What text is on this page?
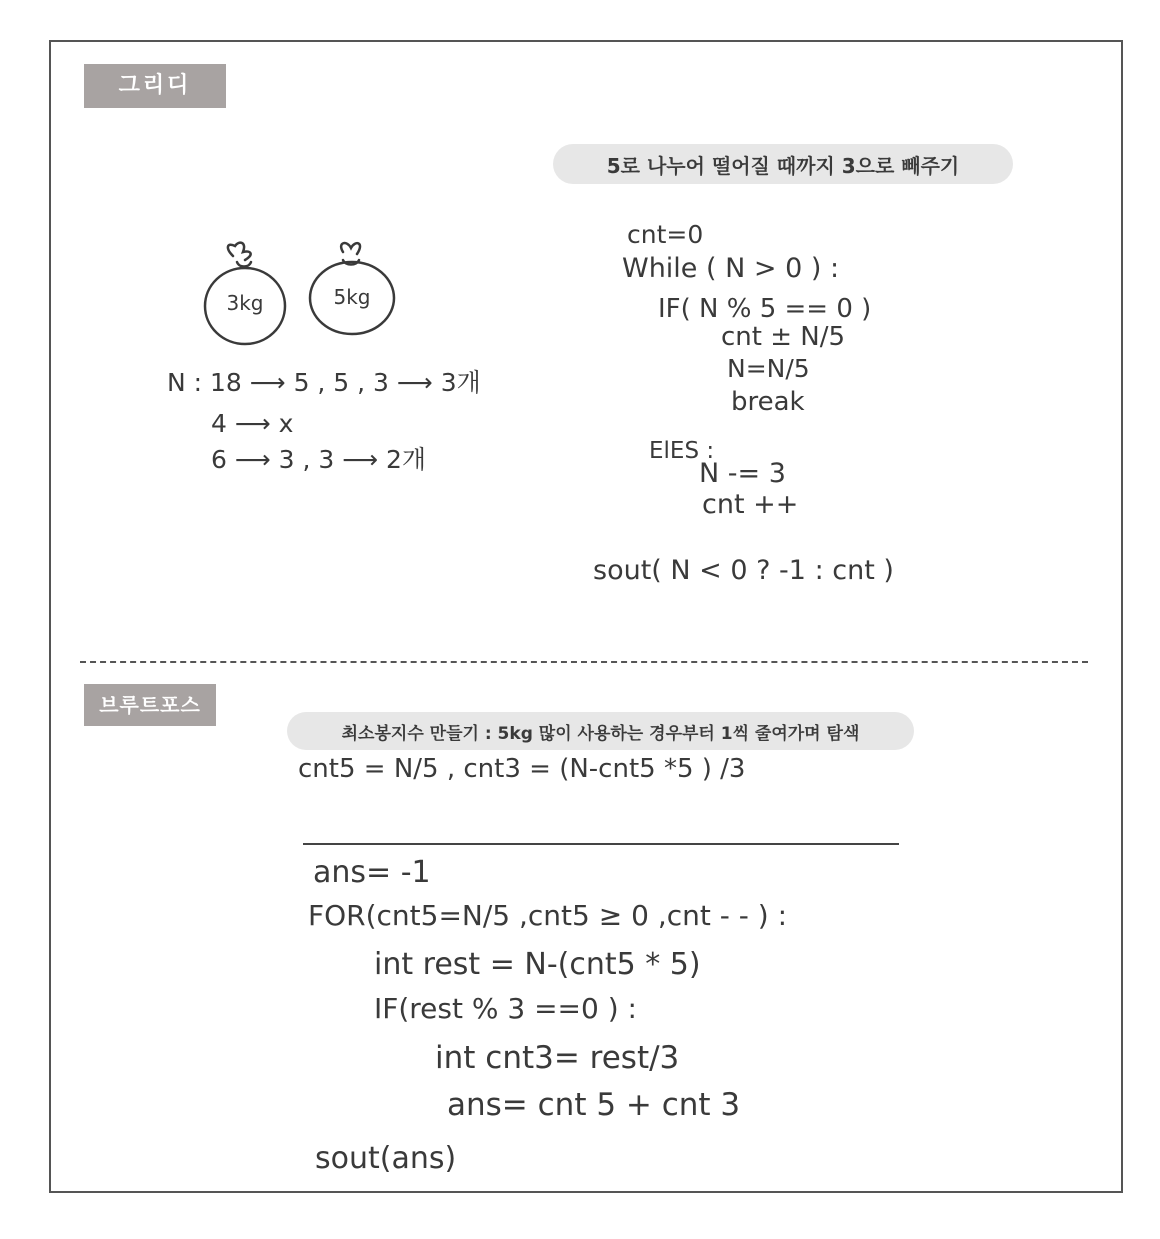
그리디
5로 나누어 떨어질 때까지 3으로 빼주기
3kg	5kg
N : 18 ⟶ 5 , 5 , 3 ⟶ 3개
4 ⟶ x
6 ⟶ 3 , 3 ⟶ 2개
cnt=0
While ( N > 0 ) :
IF( N % 5 == 0 )
cnt ± N/5
N=N/5
break
ElES :
N -= 3
cnt ++
sout( N < 0 ? -1 : cnt )
브루트포스
최소봉지수 만들기 : 5kg 많이 사용하는 경우부터 1씩 줄여가며 탐색
cnt5 = N/5 , cnt3 = (N-cnt5 *5 ) /3
ans= -1
FOR(cnt5=N/5 ,cnt5 ≥ 0 ,cnt - - ) :
int rest = N-(cnt5 * 5)
IF(rest % 3 ==0 ) :
int cnt3= rest/3
ans= cnt 5 + cnt 3
sout(ans)
